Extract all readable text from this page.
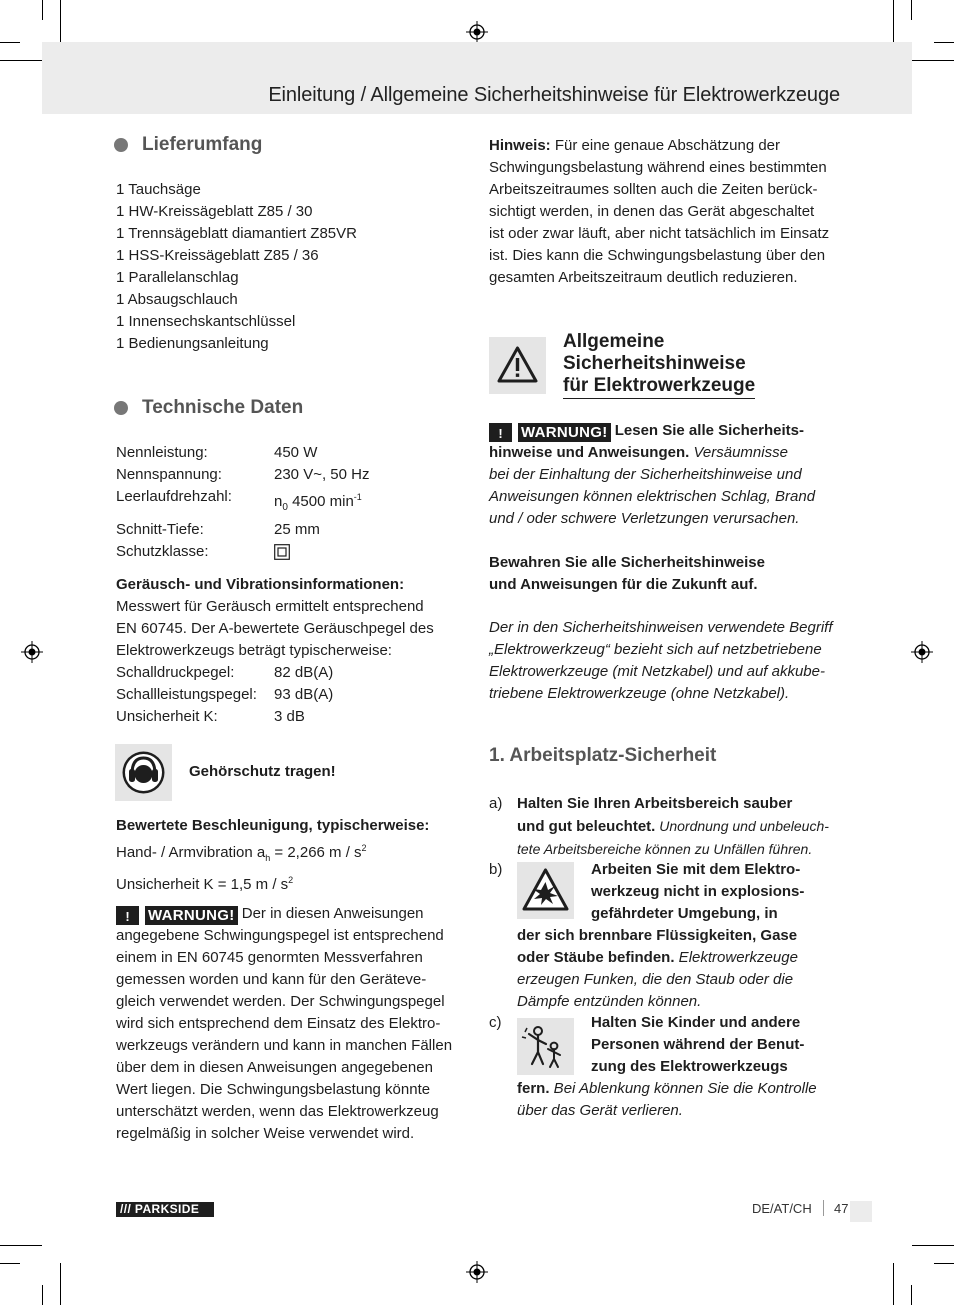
Einleitung / Allgemeine Sicherheitshinweise für Elektrowerkzeuge
Lieferumfang
1 Tauchsäge
1 HW-Kreissägeblatt Z85 / 30
1 Trennsägeblatt diamantiert Z85VR
1 HSS-Kreissägeblatt Z85 / 36
1 Parallelanschlag
1 Absaugschlauch
1 Innensechskantschlüssel
1 Bedienungsanleitung
Technische Daten
Nennleistung:	450 W
Nennspannung:	230 V~, 50 Hz
Leerlaufdrehzahl:	$n_0$ 4500 $\min^{-1}$
Schnitt-Tiefe:	25 mm
Schutzklasse:
Geräusch- und Vibrationsinformationen:
Messwert für Geräusch ermittelt entsprechend
EN 60745. Der A-bewertete Geräuschpegel des
Elektrowerkzeugs beträgt typischerweise:
Schalldruckpegel:	82 dB(A)
Schallleistungspegel:	93 dB(A)
Unsicherheit K:	3 dB
Gehörschutz tragen!
Bewertete Beschleunigung, typischerweise:
Hand- / Armvibration $a_h = 2,266$ m / $s^2$
Unsicherheit K = 1,5 m / $s^2$
!	WARNUNG! Der in diesen Anweisungen
angegebene Schwingungspegel ist entsprechend
einem in EN 60745 genormten Messverfahren
gemessen worden und kann für den Geräteve-
gleich verwendet werden. Der Schwingungspegel
wird sich entsprechend dem Einsatz des Elektro-
werkzeugs verändern und kann in manchen Fällen
über dem in diesen Anweisungen angegebenen
Wert liegen. Die Schwingungsbelastung könnte
unterschätzt werden, wenn das Elektrowerkzeug
regelmäßig in solcher Weise verwendet wird.
Hinweis: Für eine genaue Abschätzung der
Schwingungsbelastung während eines bestimmten
Arbeitszeitraumes sollten auch die Zeiten berück-
sichtigt werden, in denen das Gerät abgeschaltet
ist oder zwar läuft, aber nicht tatsächlich im Einsatz
ist. Dies kann die Schwingungsbelastung über den
gesamten Arbeitszeitraum deutlich reduzieren.
Allgemeine
Sicherheitshinweise
für Elektrowerkzeuge
!	WARNUNG! Lesen Sie alle Sicherheits-
hinweise und Anweisungen. Versäumnisse
bei der Einhaltung der Sicherheitshinweise und
Anweisungen können elektrischen Schlag, Brand
und / oder schwere Verletzungen verursachen.
Bewahren Sie alle Sicherheitshinweise
und Anweisungen für die Zukunft auf.
Der in den Sicherheitshinweisen verwendete Begriff
„Elektrowerkzeug“ bezieht sich auf netzbetriebene
Elektrowerkzeuge (mit Netzkabel) und auf akkube-
triebene Elektrowerkzeuge (ohne Netzkabel).
1. Arbeitsplatz-Sicherheit
a) Halten Sie Ihren Arbeitsbereich sauber
und gut beleuchtet. Unordnung und unbeleuch-
tete Arbeitsbereiche können zu Unfällen führen.
b)	Arbeiten Sie mit dem Elektro-
werkzeug nicht in explosions-
gefährdeter Umgebung, in
der sich brennbare Flüssigkeiten, Gase
oder Stäube befinden. Elektrowerkzeuge
erzeugen Funken, die den Staub oder die
Dämpfe entzünden können.
c)	Halten Sie Kinder und andere
Personen während der Benut-
zung des Elektrowerkzeugs
fern. Bei Ablenkung können Sie die Kontrolle
über das Gerät verlieren.
/// PARKSIDE	DE/AT/CH 47
